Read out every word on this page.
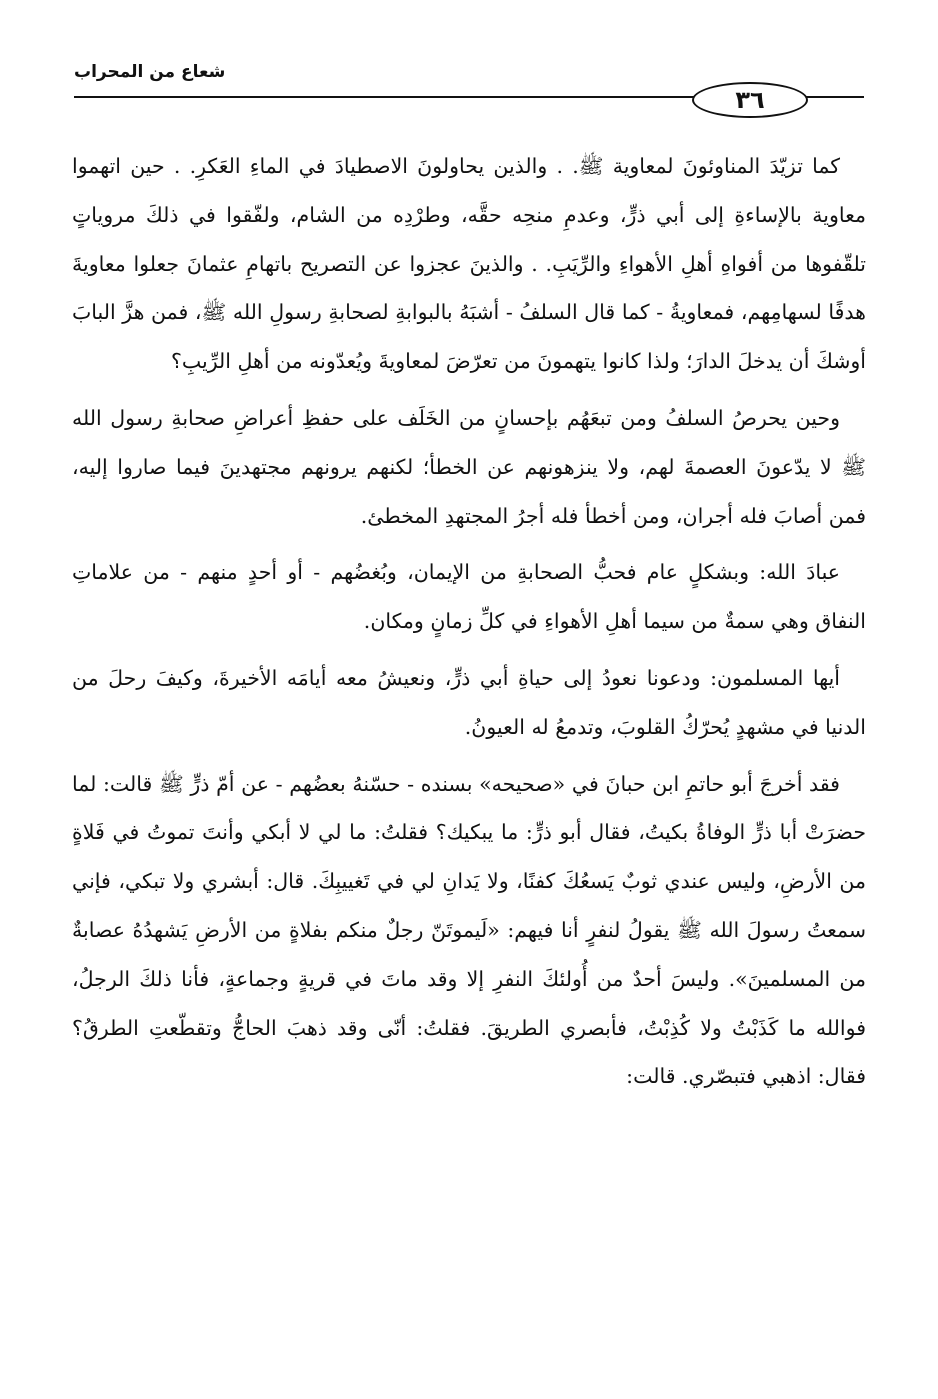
شعاع من المحراب
٣٦

كما تزيّدَ المناوئونَ لمعاوية ﷺ. . والذين يحاولونَ الاصطيادَ في الماءِ العَكرِ. . حين اتهموا معاوية بالإساءةِ إلى أبي ذرٍّ، وعدمِ منحِه حقَّه، وطرْدِه من الشام، ولفّقوا في ذلكَ مروياتٍ تلقّفوها من أفواهِ أهلِ الأهواءِ والرِّيَبِ. . والذينَ عجزوا عن التصريح باتهامِ عثمانَ جعلوا معاويةَ هدفًا لسهامِهم، فمعاويةُ - كما قال السلفُ - أشبَهُ بالبوابةِ لصحابةِ رسولِ الله ﷺ، فمن هزَّ البابَ أوشكَ أن يدخلَ الدارَ؛ ولذا كانوا يتهمونَ من تعرّضَ لمعاويةَ ويُعدّونه من أهلِ الرِّيبِ؟

وحين يحرصُ السلفُ ومن تبعَهُم بإحسانٍ من الخَلَف على حفظِ أعراضِ صحابةِ رسول الله ﷺ لا يدّعونَ العصمةَ لهم، ولا ينزهونهم عن الخطأ؛ لكنهم يرونهم مجتهدينَ فيما صاروا إليه، فمن أصابَ فله أجران، ومن أخطأ فله أجرُ المجتهدِ المخطئ.

عبادَ الله: وبشكلٍ عام فحبُّ الصحابةِ من الإيمان، وبُغضُهم - أو أحدٍ منهم - من علاماتِ النفاق وهي سمةٌ من سيما أهلِ الأهواءِ في كلِّ زمانٍ ومكان.

أيها المسلمون: ودعونا نعودُ إلى حياةِ أبي ذرٍّ، ونعيشُ معه أيامَه الأخيرةَ، وكيفَ رحلَ من الدنيا في مشهدٍ يُحرّكُ القلوبَ، وتدمعُ له العيونُ.

فقد أخرجَ أبو حاتمِ ابن حبانَ في «صحيحه» بسنده - حسّنهُ بعضُهم - عن أمّ ذرٍّ ﷺ قالت: لما حضرَتْ أبا ذرٍّ الوفاةُ بكيتُ، فقال أبو ذرٍّ: ما يبكيك؟ فقلتُ: ما لي لا أبكي وأنتَ تموتُ في فَلاةٍ من الأرضِ، وليس عندي ثوبٌ يَسعُكَ كفنًا، ولا يَدانِ لي في تَغييبِكَ. قال: أبشري ولا تبكي، فإني سمعتُ رسولَ الله ﷺ يقولُ لنفرٍ أنا فيهم: «لَيموتَنّ رجلٌ منكم بفلاةٍ من الأرضِ يَشهدُهُ عصابةٌ من المسلمينَ». وليسَ أحدٌ من أُولئكَ النفرِ إلا وقد ماتَ في قريةٍ وجماعةٍ، فأنا ذلكَ الرجلُ، فوالله ما كَذَبْتُ ولا كُذِبْتُ، فأبصري الطريقَ. فقلتُ: أنّى وقد ذهبَ الحاجُّ وتقطّعتِ الطرقُ؟ فقال: اذهبي فتبصّري. قالت:
